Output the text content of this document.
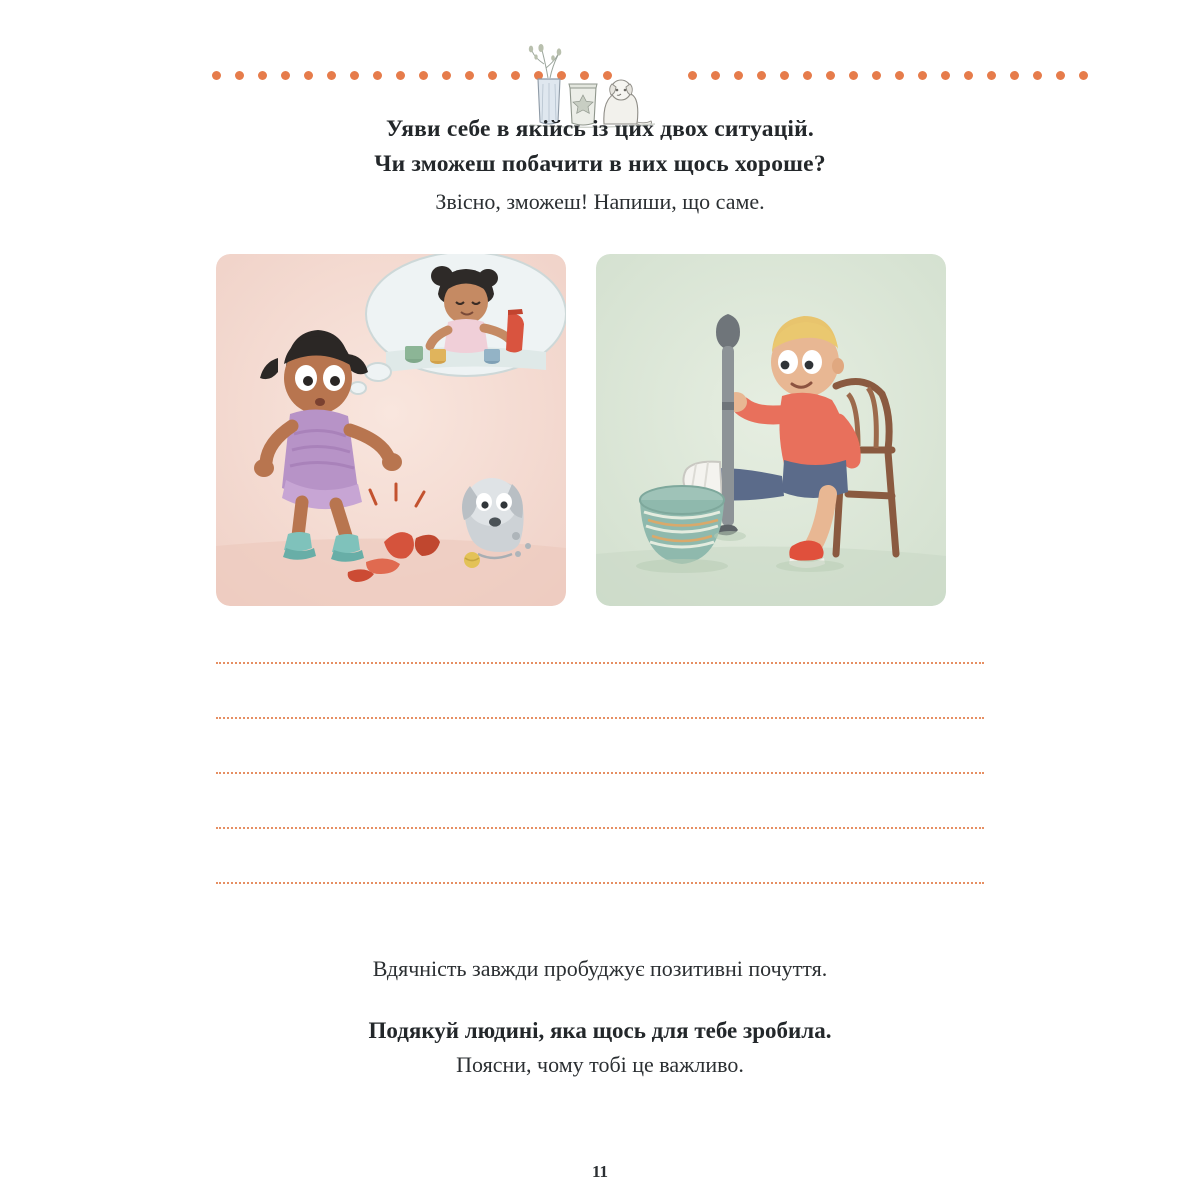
Уяви себе в якійсь із цих двох ситуацій.
Чи зможеш побачити в них щось хороше?
Звісно, зможеш! Напиши, що саме.
Вдячність завжди пробуджує позитивні почуття.
Подякуй людині, яка щось для тебе зробила.
Поясни, чому тобі це важливо.
11
